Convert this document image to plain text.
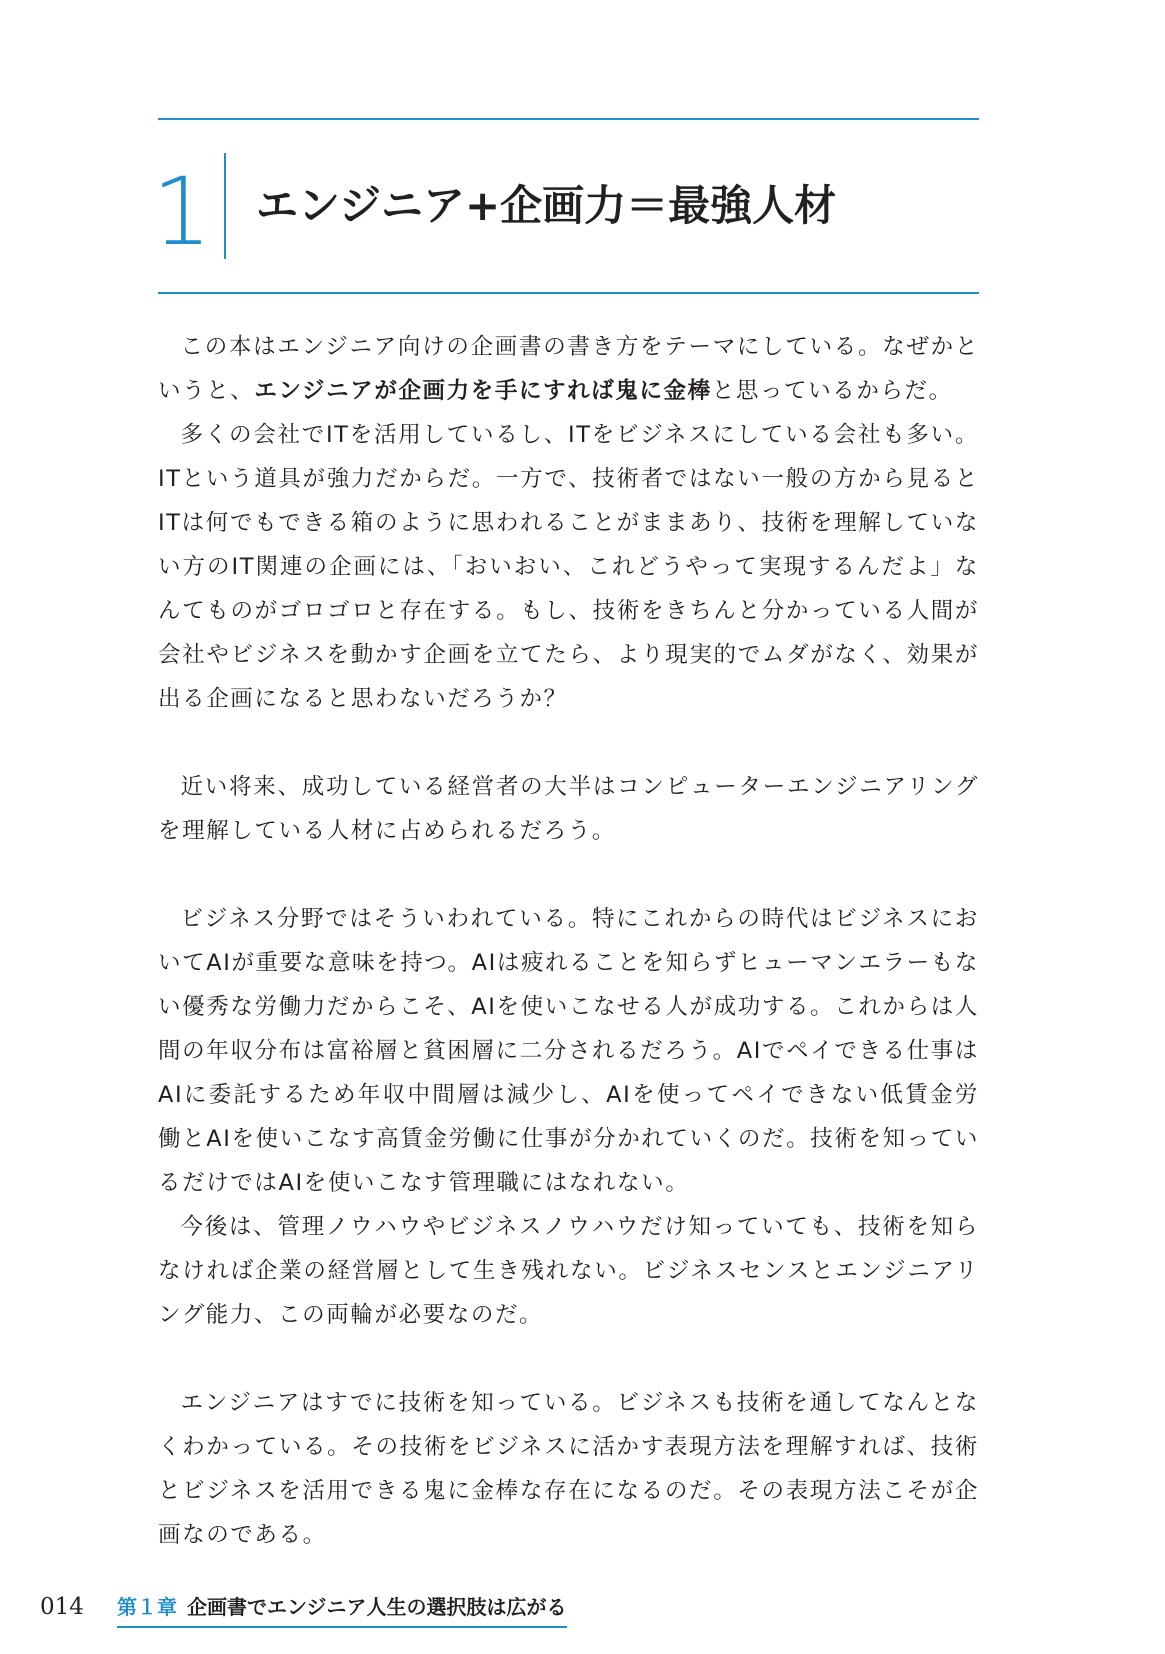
1 エンジニア+企画力＝最強人材

この本はエンジニア向けの企画書の書き方をテーマにしている。なぜかというと、エンジニアが企画力を手にすれば鬼に金棒と思っているからだ。

多くの会社でITを活用しているし、ITをビジネスにしている会社も多い。ITという道具が強力だからだ。一方で、技術者ではない一般の方から見るとITは何でもできる箱のように思われることがままあり、技術を理解していない方のIT関連の企画には、「おいおい、これどうやって実現するんだよ」なんてものがゴロゴロと存在する。もし、技術をきちんと分かっている人間が会社やビジネスを動かす企画を立てたら、より現実的でムダがなく、効果が出る企画になると思わないだろうか？

近い将来、成功している経営者の大半はコンピューターエンジニアリングを理解している人材に占められるだろう。

ビジネス分野ではそういわれている。特にこれからの時代はビジネスにおいてAIが重要な意味を持つ。AIは疲れることを知らずヒューマンエラーもない優秀な労働力だからこそ、AIを使いこなせる人が成功する。これからは人間の年収分布は富裕層と貧困層に二分されるだろう。AIでペイできる仕事はAIに委託するため年収中間層は減少し、AIを使ってペイできない低賃金労働とAIを使いこなす高賃金労働に仕事が分かれていくのだ。技術を知っているだけではAIを使いこなす管理職にはなれない。

今後は、管理ノウハウやビジネスノウハウだけ知っていても、技術を知らなければ企業の経営層として生き残れない。ビジネスセンスとエンジニアリング能力、この両輪が必要なのだ。

エンジニアはすでに技術を知っている。ビジネスも技術を通してなんとなくわかっている。その技術をビジネスに活かす表現方法を理解すれば、技術とビジネスを活用できる鬼に金棒な存在になるのだ。その表現方法こそが企画なのである。

014 第１章 企画書でエンジニア人生の選択肢は広がる
